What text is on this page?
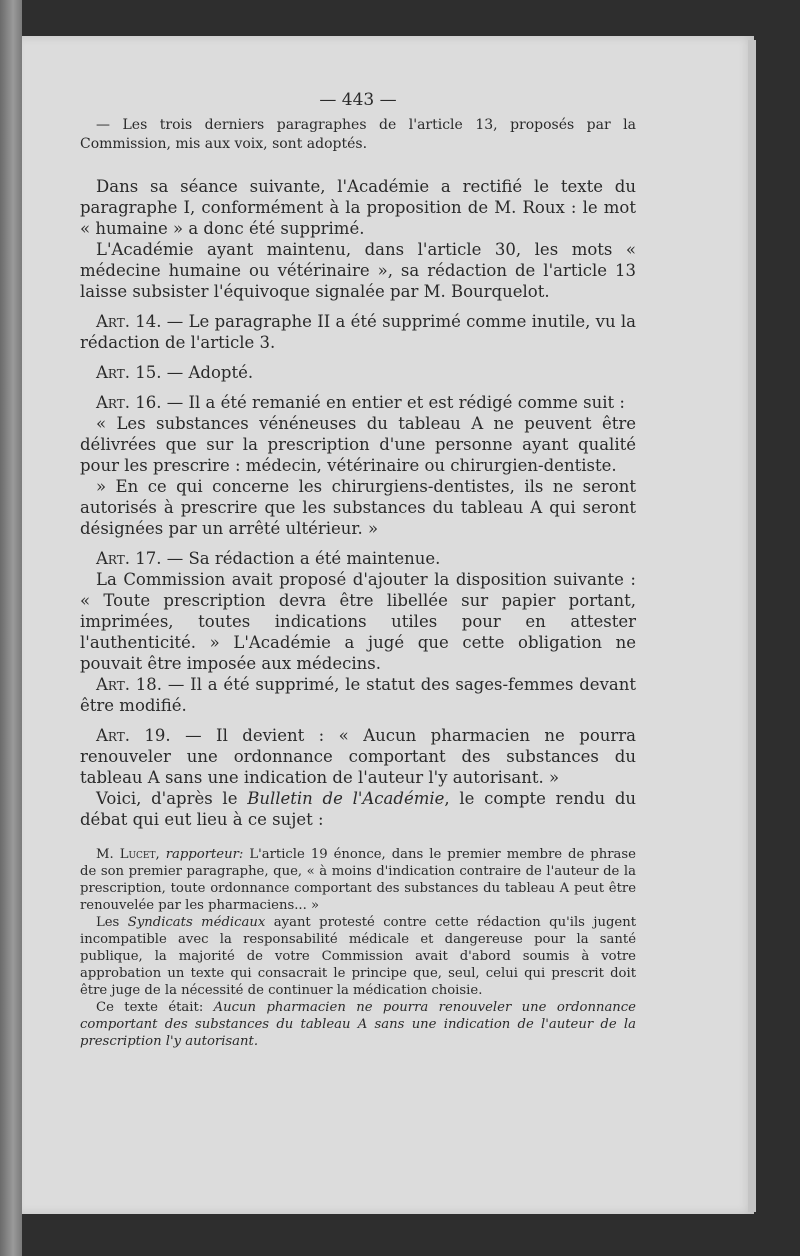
— 443 —

— Les trois derniers paragraphes de l'article 13, proposés par la Commission, mis aux voix, sont adoptés.

Dans sa séance suivante, l'Académie a rectifié le texte du paragraphe I, conformément à la proposition de M. Roux : le mot « humaine » a donc été supprimé.

L'Académie ayant maintenu, dans l'article 30, les mots « médecine humaine ou vétérinaire », sa rédaction de l'article 13 laisse subsister l'équivoque signalée par M. Bourquelot.

Art. 14. — Le paragraphe II a été supprimé comme inutile, vu la rédaction de l'article 3.

Art. 15. — Adopté.

Art. 16. — Il a été remanié en entier et est rédigé comme suit :

« Les substances vénéneuses du tableau A ne peuvent être délivrées que sur la prescription d'une personne ayant qualité pour les prescrire : médecin, vétérinaire ou chirurgien-dentiste.

» En ce qui concerne les chirurgiens-dentistes, ils ne seront autorisés à prescrire que les substances du tableau A qui seront désignées par un arrêté ultérieur. »

Art. 17. — Sa rédaction a été maintenue.

La Commission avait proposé d'ajouter la disposition suivante : « Toute prescription devra être libellée sur papier portant, imprimées, toutes indications utiles pour en attester l'authenticité. » L'Académie a jugé que cette obligation ne pouvait être imposée aux médecins.

Art. 18. — Il a été supprimé, le statut des sages-femmes devant être modifié.

Art. 19. — Il devient : « Aucun pharmacien ne pourra renouveler une ordonnance comportant des substances du tableau A sans une indication de l'auteur l'y autorisant. »

Voici, d'après le Bulletin de l'Académie, le compte rendu du débat qui eut lieu à ce sujet :

M. Lucet, rapporteur: L'article 19 énonce, dans le premier membre de phrase de son premier paragraphe, que, « à moins d'indication contraire de l'auteur de la prescription, toute ordonnance comportant des substances du tableau A peut être renouvelée par les pharmaciens... »

Les Syndicats médicaux ayant protesté contre cette rédaction qu'ils jugent incompatible avec la responsabilité médicale et dangereuse pour la santé publique, la majorité de votre Commission avait d'abord soumis à votre approbation un texte qui consacrait le principe que, seul, celui qui prescrit doit être juge de la nécessité de continuer la médication choisie.

Ce texte était: Aucun pharmacien ne pourra renouveler une ordonnance comportant des substances du tableau A sans une indication de l'auteur de la prescription l'y autorisant.
